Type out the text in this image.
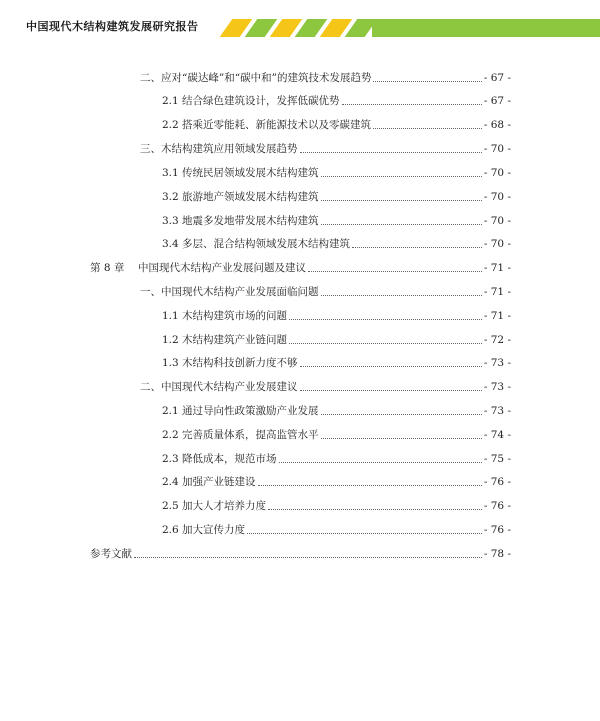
中国现代木结构建筑发展研究报告
二、应对“碳达峰”和“碳中和”的建筑技术发展趋势	- 67 -
2.1 结合绿色建筑设计，发挥低碳优势	- 67 -
2.2 搭乘近零能耗、新能源技术以及零碳建筑	- 68 -
三、木结构建筑应用领域发展趋势	- 70 -
3.1 传统民居领域发展木结构建筑	- 70 -
3.2 旅游地产领域发展木结构建筑	- 70 -
3.3 地震多发地带发展木结构建筑	- 70 -
3.4 多层、混合结构领域发展木结构建筑	- 70 -
第 8 章	中国现代木结构产业发展问题及建议	- 71 -
一、中国现代木结构产业发展面临问题	- 71 -
1.1 木结构建筑市场的问题	- 71 -
1.2 木结构建筑产业链问题	- 72 -
1.3 木结构科技创新力度不够	- 73 -
二、中国现代木结构产业发展建议	- 73 -
2.1 通过导向性政策激励产业发展	- 73 -
2.2 完善质量体系，提高监管水平	- 74 -
2.3 降低成本，规范市场	- 75 -
2.4 加强产业链建设	- 76 -
2.5 加大人才培养力度	- 76 -
2.6 加大宣传力度	- 76 -
参考文献	- 78 -
